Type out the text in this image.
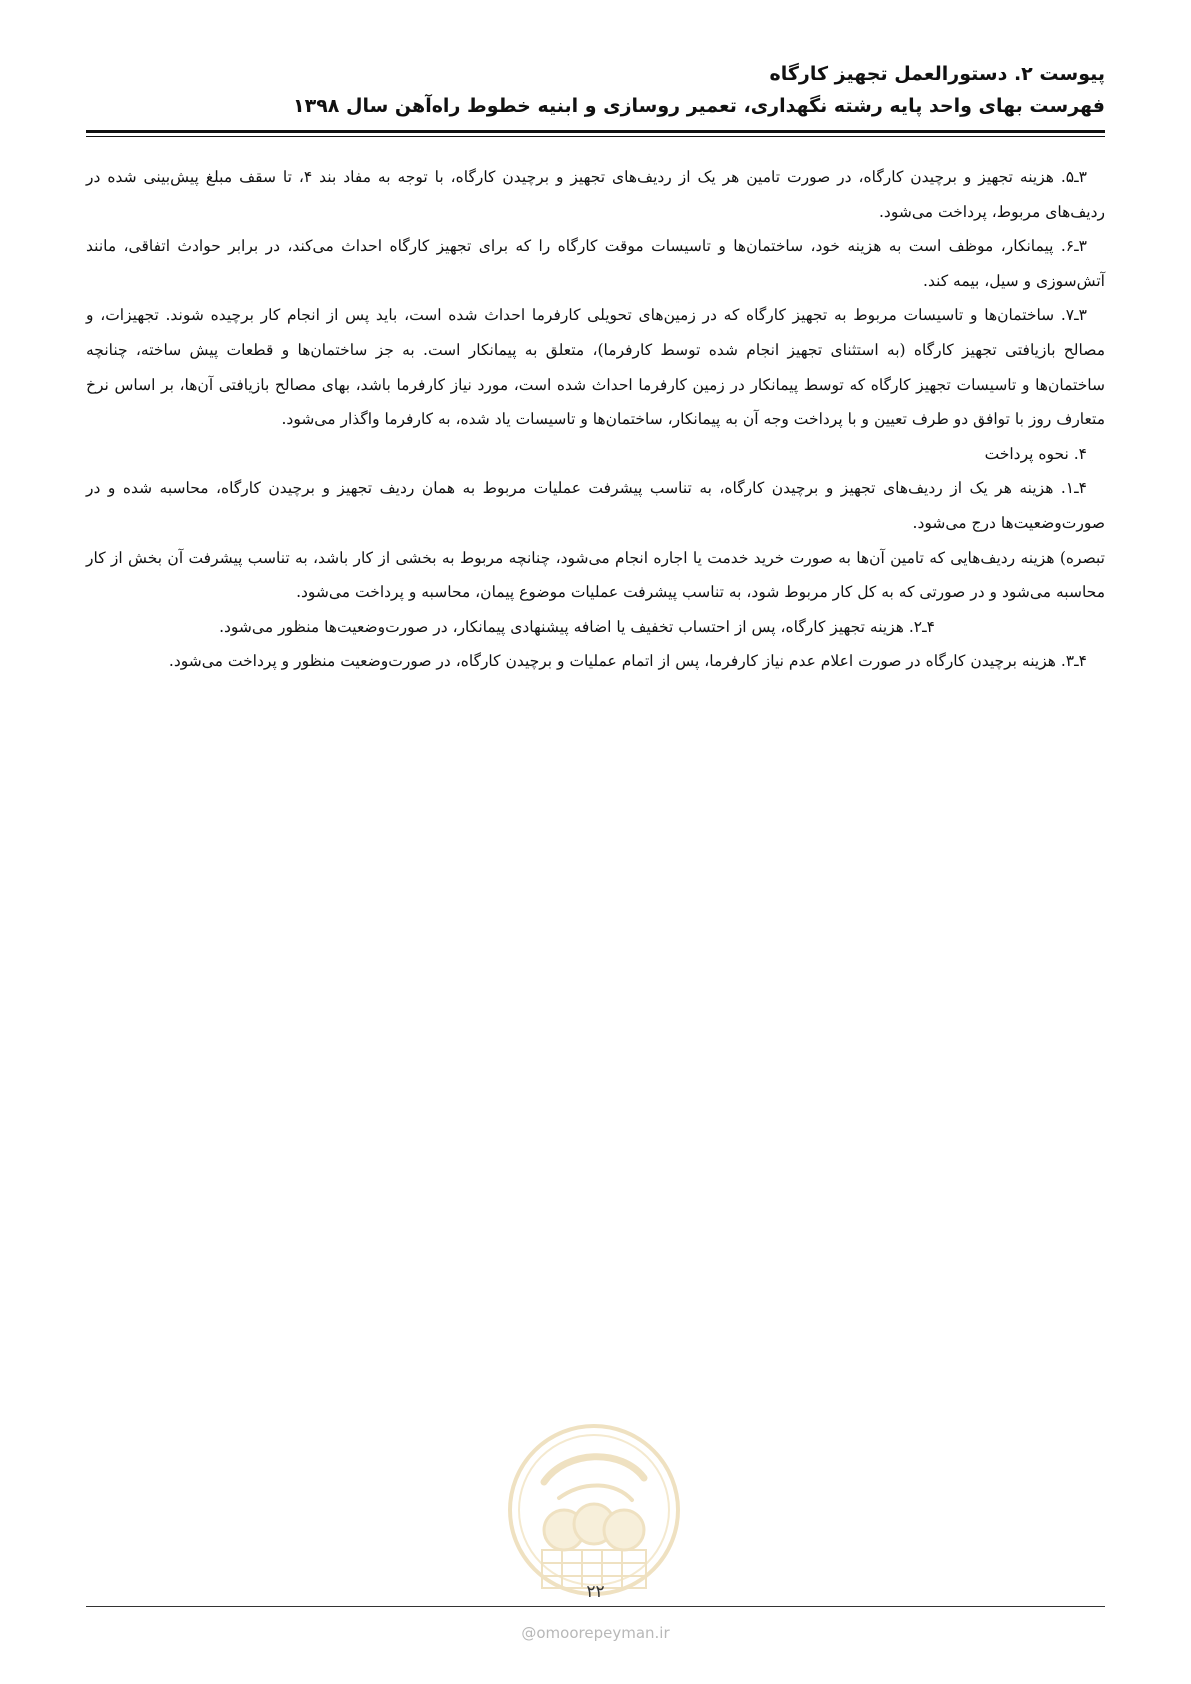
پیوست ۲. دستورالعمل تجهیز کارگاه
فهرست بهای واحد پایه رشته نگهداری، تعمیر روسازی و ابنیه خطوط راه‌آهن سال ۱۳۹۸

۳ـ۵. هزینه تجهیز و برچیدن کارگاه، در صورت تامین هر یک از ردیف‌های تجهیز و برچیدن کارگاه، با توجه به مفاد بند ۴، تا سقف مبلغ پیش‌بینی شده در ردیف‌های مربوط، پرداخت می‌شود.

۳ـ۶. پیمانکار، موظف است به هزینه خود، ساختمان‌ها و تاسیسات موقت کارگاه را که برای تجهیز کارگاه احداث می‌کند، در برابر حوادث اتفاقی، مانند آتش‌سوزی و سیل، بیمه کند.

۳ـ۷. ساختمان‌ها و تاسیسات مربوط به تجهیز کارگاه که در زمین‌های تحویلی کارفرما احداث شده است، باید پس از انجام کار برچیده شوند. تجهیزات، و مصالح بازیافتی تجهیز کارگاه (به استثنای تجهیز انجام شده توسط کارفرما)، متعلق به پیمانکار است. به جز ساختمان‌ها و قطعات پیش ساخته، چنانچه ساختمان‌ها و تاسیسات تجهیز کارگاه که توسط پیمانکار در زمین کارفرما احداث شده است، مورد نیاز کارفرما باشد، بهای مصالح بازیافتی آن‌ها، بر اساس نرخ متعارف روز با توافق دو طرف تعیین و با پرداخت وجه آن به پیمانکار، ساختمان‌ها و تاسیسات یاد شده، به کارفرما واگذار می‌شود.

۴. نحوه پرداخت

۴ـ۱. هزینه هر یک از ردیف‌های تجهیز و برچیدن کارگاه، به تناسب پیشرفت عملیات مربوط به همان ردیف تجهیز و برچیدن کارگاه، محاسبه شده و در صورت‌وضعیت‌ها درج می‌شود.

تبصره) هزینه ردیف‌هایی که تامین آن‌ها به صورت خرید خدمت یا اجاره انجام می‌شود، چنانچه مربوط به بخشی از کار باشد، به تناسب پیشرفت آن بخش از کار محاسبه می‌شود و در صورتی که به کل کار مربوط شود، به تناسب پیشرفت عملیات موضوع پیمان، محاسبه و پرداخت می‌شود.

۴ـ۲. هزینه تجهیز کارگاه، پس از احتساب تخفیف یا اضافه پیشنهادی پیمانکار، در صورت‌وضعیت‌ها منظور می‌شود.

۴ـ۳. هزینه برچیدن کارگاه در صورت اعلام عدم نیاز کارفرما، پس از اتمام عملیات و برچیدن کارگاه، در صورت‌وضعیت منظور و پرداخت می‌شود.

۲۲
@omoorepeyman.ir
